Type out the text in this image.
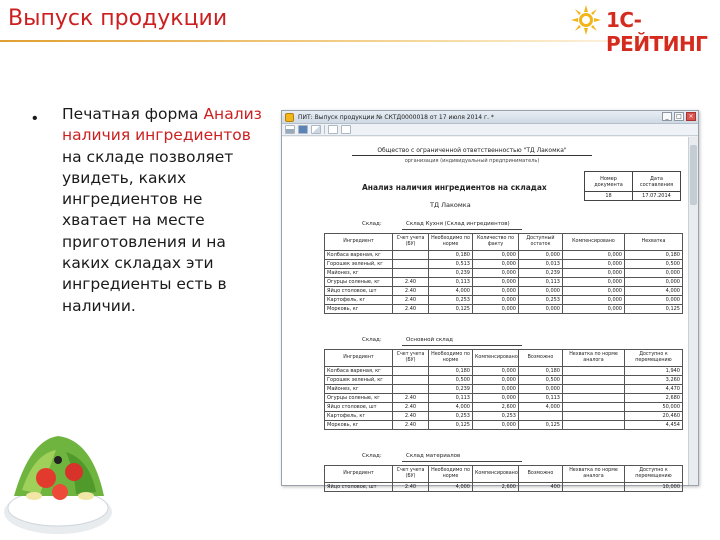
Выпуск продукции	1С-РЕЙТИНГ
• Печатная форма Анализ наличия ингредиентов на складе позволяет увидеть, каких ингредиентов не хватает на месте приготовления и на каких складах эти ингредиенты есть в наличии.
ПИТ: Выпуск продукции № СКТД0000018 от 17 июля 2014 г. *	_	□	×
Общество с ограниченной ответственностью "ТД Лакомка"
организация (индивидуальный предприниматель)
Номер документа	Дата составления
18	17.07.2014
Анализ наличия ингредиентов на складах
ТД Лакомка
Склад:	Склад Кухня (Склад ингредиентов)
Ингредиент	Счет учета (БУ)	Необходимо по норме	Количество по факту	Доступный остаток	Компенсировано	Нехватка
Колбаса вареная, кг		0,180	0,000	0,000	0,000	0,180
Горошек зеленый, кг		0,513	0,000	0,013	0,000	0,500
Майонез, кг		0,239	0,000	0,239	0,000	0,000
Огурцы соленые, кг	2.40	0,113	0,000	0,113	0,000	0,000
Яйцо столовое, шт	2.40	4,000	0,000	0,000	0,000	4,000
Картофель, кг	2.40	0,253	0,000	0,253	0,000	0,000
Морковь, кг	2.40	0,125	0,000	0,000	0,000	0,125
Склад:	Основной склад
Ингредиент	Счет учета (БУ)	Необходимо по норме	Компенсировано	Возможно	Нехватка по норме аналога	Доступно к перемещению
Колбаса вареная, кг		0,180	0,000	0,180		1,940
Горошек зеленый, кг		0,500	0,000	0,500		3,260
Майонез, кг		0,239	0,000	0,000		4,470
Огурцы соленые, кг	2.40	0,113	0,000	0,113		2,680
Яйцо столовое, шт	2.40	4,000	2,600	4,000		50,000
Картофель, кг	2.40	0,253	0,253			20,460
Морковь, кг	2.40	0,125	0,000	0,125		4,454
Склад:	Склад материалов
Ингредиент	Счет учета (БУ)	Необходимо по норме	Компенсировано	Возможно	Нехватка по норме аналога	Доступно к перемещению
Яйцо столовое, шт	2.40	4,000	2,600	400		10,000
